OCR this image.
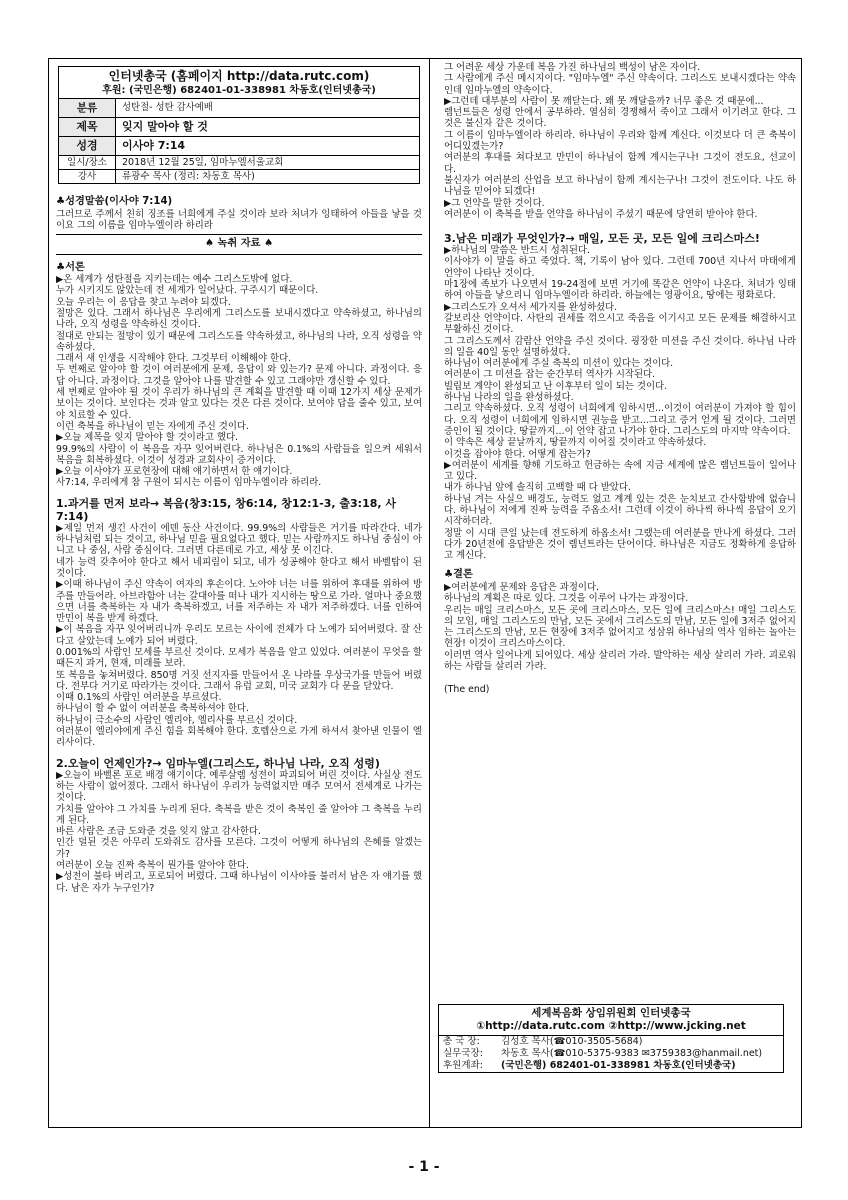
인터넷총국 (홈페이지 http://data.rutc.com)
후원: (국민은행) 682401-01-338981 차동호(인터넷총국)
분류	성탄절- 성탄 감사예배
제목	잊지 말아야 할 것
성경	이사야 7:14
일시/장소	2018년 12월 25일, 임마누엘서울교회
강사	류광수 목사 (정리: 차동호 목사)

♣성경말씀(이사야 7:14)

그러므로 주께서 친히 징조를 너희에게 주실 것이라 보라 처녀가 잉태하여 아들을 낳을 것이요 그의 이름을 임마누엘이라 하리라

♠ 녹취 자료 ♠

♣서론

▶온 세계가 성탄절을 지키는데는 예수 그리스도밖에 없다.

누가 시키지도 않았는데 전 세계가 일어났다. 구주시기 때문이다.

오늘 우리는 이 응답을 찾고 누려야 되겠다.

절망은 있다. 그래서 하나님은 우리에게 그리스도를 보내시겠다고 약속하셨고, 하나님의 나라, 오직 성령을 약속하신 것이다.

절대로 안되는 절망이 있기 때문에 그리스도를 약속하셨고, 하나님의 나라, 오직 성령을 약속하셨다.

그래서 새 인생을 시작해야 한다. 그것부터 이해해야 한다.

두 번째로 알아야 할 것이 여러분에게 문제, 응답이 와 있는가? 문제 아니다. 과정이다. 응답 아니다. 과정이다. 그것을 알아야 나를 발견할 수 있고 그래야만 갱신할 수 있다.

세 번째로 알아야 될 것이 우리가 하나님의 큰 계획을 발견할 때 이때 12가지 세상 문제가 보이는 것이다. 보인다는 것과 알고 있다는 것은 다른 것이다. 보여야 답을 줄수 있고, 보여야 치료할 수 있다.

이런 축복을 하나님이 믿는 자에게 주신 것이다.

▶오늘 제목을 잊지 말아야 할 것이라고 했다.

99.9%의 사람이 이 복음을 자꾸 잊어버린다. 하나님은 0.1%의 사람들을 일으켜 세워서 복음을 회복하셨다. 이것이 성경과 교회사이 증거이다.

▶오늘 이사야가 포로현장에 대해 얘기하면서 한 얘기이다.

사7:14, 우리에게 참 구원이 되시는 이름이 임마누엘이라 하리라.

1.과거를 먼저 보라→ 복음(창3:15, 창6:14, 창12:1-3, 출3:18, 사7:14)

▶제일 먼저 생긴 사건이 에덴 동산 사건이다. 99.9%의 사람들은 거기를 따라간다. 네가 하나님처럼 되는 것이고, 하나님 믿을 필요없다고 했다. 믿는 사람까지도 하나님 중심이 아니고 나 중심, 사람 중심이다. 그러면 다른데로 가고, 세상 못 이긴다.

네가 능력 갖추어야 한다고 해서 네피림이 되고, 네가 성공해야 한다고 해서 바벨탑이 된 것이다.

▶이때 하나님이 주신 약속이 여자의 후손이다. 노아야 너는 너를 위하여 후대를 위하여 방주를 만들어라. 아브라함아 너는 갈대아를 떠나 내가 지시하는 땅으로 가라. 얼마나 중요했으면 너를 축복하는 자 내가 축복하겠고, 너를 저주하는 자 내가 저주하겠다. 너를 인하여 만민이 복을 받게 하겠다.

▶이 복음을 자꾸 잊어버리니까 우리도 모르는 사이에 전체가 다 노예가 되어버렸다. 잘 산다고 살았는데 노예가 되어 버렸다.

0.001%의 사람인 모세를 부르신 것이다. 모세가 복음을 알고 있었다. 여러분이 무엇을 할때든지 과거, 현재, 미래를 보라.

또 복음을 놓쳐버렸다. 850명 거짓 선지자를 만들어서 온 나라를 우상국가를 만들어 버렸다. 전부다 거기로 따라가는 것이다. 그래서 유럽 교회, 미국 교회가 다 문을 닫았다.

이때 0.1%의 사람인 여러분을 부르셨다.

하나님이 할 수 없이 여러분을 축복하셔야 한다.

하나님이 극소수의 사람인 엘리야, 엘리사를 부르신 것이다.

여러분이 엘리야에게 주신 힘을 회복해야 한다. 호렙산으로 가게 하셔서 찾아낸 인물이 엘리사이다.

2.오늘이 언제인가?→ 임마누엘(그리스도, 하나님 나라, 오직 성령)

▶오늘이 바벨론 포로 배경 얘기이다. 예루살렘 성전이 파괴되어 버린 것이다. 사실상 전도하는 사람이 없어졌다. 그래서 하나님이 우리가 능력없지만 매주 모여서 전세계로 나가는 것이다.

가치를 알아야 그 가치를 누리게 된다. 축복을 받은 것이 축복인 줄 알아야 그 축복을 누리게 된다.

바른 사람은 조금 도와준 것을 잊지 않고 감사한다.

인간 덜된 것은 아무리 도와줘도 감사를 모른다. 그것이 어떻게 하나님의 은혜를 알겠는가?

여러분이 오늘 진짜 축복이 뭔가를 알아야 한다.

▶성전이 불타 버리고, 포로되어 버렸다. 그때 하나님이 이사야를 불러서 남은 자 얘기를 했다. 남은 자가 누구인가?

그 어려운 세상 가운데 복음 가진 하나님의 백성이 남은 자이다.

그 사람에게 주신 메시지이다. "임마누엘" 주신 약속이다. 그리스도 보내시겠다는 약속인데 임마누엘의 약속이다.

▶그런데 대부분의 사람이 못 깨닫는다. 왜 못 깨달을까? 너무 좋은 것 때문에...

렘넌트들은 성령 안에서 공부하라. 열심히 경쟁해서 죽이고 그래서 이기려고 한다. 그것은 불신자 같은 것이다.

그 이름이 임마누엘이라 하리라. 하나님이 우리와 함께 계신다. 이것보다 더 큰 축복이 어디있겠는가?

여러분의 후대를 쳐다보고 만민이 하나님이 함께 계시는구나! 그것이 전도요, 선교이다.

불신자가 여러분의 산업을 보고 하나님이 함께 계시는구나! 그것이 전도이다. 나도 하나님을 믿어야 되겠다!

▶그 언약을 말한 것이다.

여러분이 이 축복을 받을 언약을 하나님이 주셨기 때문에 당연히 받아야 한다.

3.남은 미래가 무엇인가?→ 매일, 모든 곳, 모든 일에 크리스마스!

▶하나님의 말씀은 반드시 성취된다.

이사야가 이 말을 하고 죽었다. 책, 기록이 남아 있다. 그런데 700년 지나서 마태에게 언약이 나타난 것이다.

마1장에 족보가 나오면서 19-24절에 보면 거기에 똑같은 언약이 나온다. 처녀가 잉태하여 아들을 낳으리니 임마누엘이라 하리라. 하늘에는 영광이요, 땅에는 평화로다.

▶그리스도가 오셔서 세가지를 완성하셨다.

갈보리산 언약이다. 사탄의 권세를 꺾으시고 죽음을 이기시고 모든 문제를 해결하시고 부활하신 것이다.

그 그리스도께서 감람산 언약을 주신 것이다. 굉장한 미션을 주신 것이다. 하나님 나라의 일을 40일 동안 설명하셨다.

하나님이 여러분에게 주실 축복의 미션이 있다는 것이다.

여러분이 그 미션을 잡는 순간부터 역사가 시작된다.

빌립보 계약이 완성되고 난 이후부터 일이 되는 것이다.

하나님 나라의 일을 완성하셨다.

그리고 약속하셨다. 오직 성령이 너희에게 임하시면...이것이 여러분이 가져야 할 힘이다. 오직 성령이 너희에게 임하시면 권능을 받고...그리고 증거 얻게 될 것이다. 그러면 증인이 될 것이다. 땅끝까지...이 언약 잡고 나가야 한다. 그리스도의 마지막 약속이다.

이 약속은 세상 끝날까지, 땅끝까지 이어질 것이라고 약속하셨다.

이것을 잡아야 한다. 어떻게 잡는가?

▶여러분이 세계를 향해 기도하고 헌금하는 속에 지금 세계에 많은 렘넌트들이 일어나고 있다.

내가 하나님 앞에 솔직히 고백할 때 다 받았다.

하나님 겨는 사실으 배경도, 능력도 없고 계계 있는 것은 눈치보고 간사함밖에 없습니다. 하나님이 저에게 진짜 능력을 주옵소서! 그런데 이것이 하나씩 하나씩 응답이 오기 시작하더라.

정말 이 시대 큰일 났는데 전도하게 하옵소서! 그랬는데 여러분을 만나게 하셨다. 그러다가 20년전에 응답받은 것이 렘넌트라는 단어이다. 하나님은 지금도 정확하게 응답하고 계신다.

♣결론

▶여러분에게 문제와 응답은 과정이다.

하나님의 계획은 따로 있다. 그것을 이루어 나가는 과정이다.

우리는 매일 크리스마스, 모든 곳에 크리스마스, 모든 일에 크리스마스! 매일 그리스도의 모임, 매일 그리스도의 만남, 모든 곳에서 그리스도의 만남, 모든 일에 3저주 없어지는 그리스도의 만남, 모든 현장에 3저주 없어지고 성삼위 하나님의 역사 임하는 놀아는 현장! 이것이 크리스마스이다.

이러면 역사 일어나게 되어있다. 세상 살리러 가라. 발악하는 세상 살리러 가라. 괴로워하는 사람들 살리러 가라.

(The end)

세계복음화 상임위원회 인터넷총국
①http://data.rutc.com ②http://www.jcking.net
총 국 장:	김성호 목사(☎010-3505-5684)
실무국장:	차동호 목사(☎010-5375-9383 ✉3759383@hanmail.net)
후원계좌:	(국민은행) 682401-01-338981 차동호(인터넷총국)
- 1 -
